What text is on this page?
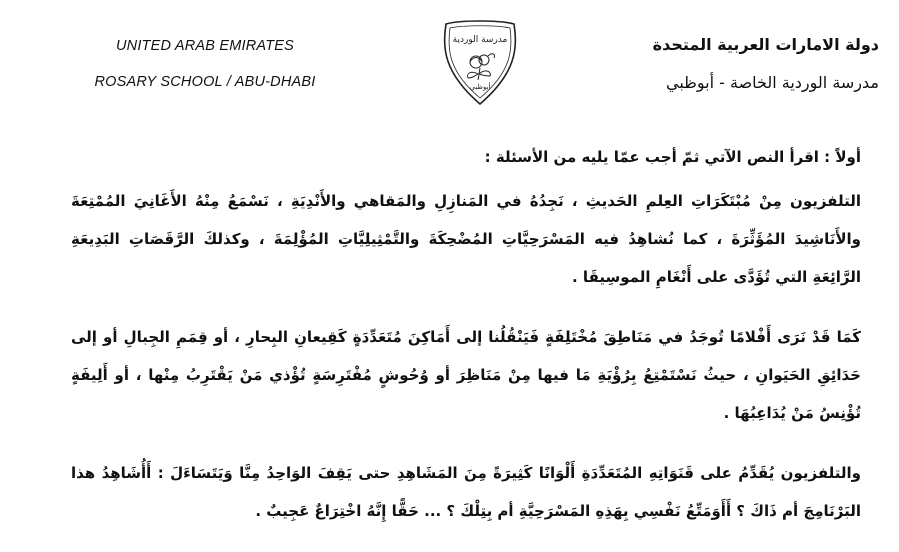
UNITED ARAB EMIRATES
ROSARY SCHOOL / ABU-DHABI
مدرسة الوردية
أبوظبي
دولة الامارات العربية المتحدة
مدرسة الوردية الخاصة - أبوظبي

أولاً : اقرأ النص الآتي ثمّ أجب عمّا يليه من الأسئلة :

التلفزيون مِنْ مُبْتَكَرَاتِ العِلمِ الحَديثِ ، نَجِدُهُ في المَنازِلِ والمَقاهي والأَنْدِيَةِ ، نَسْمَعُ مِنْهُ الأَغَانِيَ المُمْتِعَةَ والأَنَاشِيدَ المُؤَثِّرَةَ ، كما نُشاهِدُ فيه المَسْرَحِيَّاتِ المُضْحِكَةَ والتَّمْثِيلِيَّاتِ المُؤْلِمَةَ ، وكذلكَ الرَّقَصَاتِ البَدِيعَةِ الرَّائِعَةِ التي تُؤَدَّى على أَنْغَامِ الموسِيقَا .

كَمَا قَدْ نَرَى أَفْلامًا تُوجَدُ في مَنَاطِقَ مُخْتَلِفَةٍ فَيَنْقُلُنا إلى أَمَاكِنَ مُتَعَدِّدَةٍ كَقِيعانِ البِحارِ ، أو قِمَمِ الجِبالِ أو إلى حَدَائِقِ الحَيَوانِ ، حيثُ نَسْتَمْتِعُ بِرُؤْيَةِ مَا فيها مِنْ مَنَاظِرَ أو وُحُوشٍ مُفْتَرِسَةٍ تُؤْذي مَنْ يَقْتَرِبُ مِنْها ، أو أَلِيفَةٍ تُؤْنِسُ مَنْ يُدَاعِبُهَا .

والتلفزيون يُقَدِّمُ على قَنَوَاتِهِ المُتَعَدِّدَةِ أَلْوَانًا كَثِيرَةً مِنَ المَشَاهِدِ حتى يَقِفَ الوَاحِدُ مِنَّا وَيَتَسَاءَلَ : أَأُشَاهِدُ هذا البَرْنَامِجَ أم ذَاكَ ؟ أَأَوَمَتِّعُ نَفْسِي بِهَذِهِ المَسْرَحِيَّةِ أم بِتِلْكَ ؟ ... حَقًّا إِنَّهُ اخْتِرَاعٌ عَجِيبٌ .
